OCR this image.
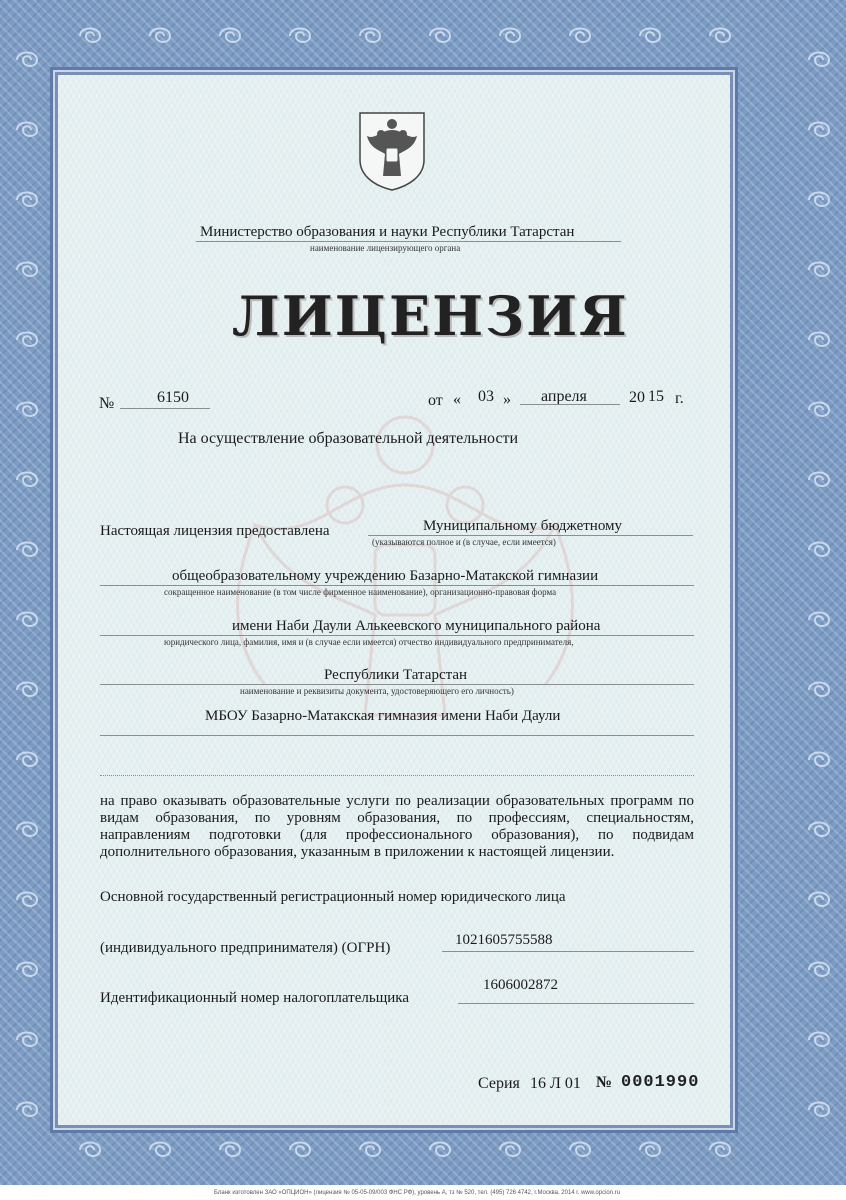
Министерство образования и науки Республики Татарстан
наименование лицензирующего органа
ЛИЦЕНЗИЯ
№	6150	от « 03 » апреля	20 15 г.
На осуществление образовательной деятельности
Настоящая лицензия предоставлена	Муниципальному бюджетному
(указываются полное и (в случае, если имеется)
общеобразовательному учреждению Базарно-Матакской гимназии
сокращенное наименование (в том числе фирменное наименование), организационно-правовая форма
имени Наби Даули Алькеевского муниципального района
юридического лица, фамилия, имя и (в случае если имеется) отчество индивидуального предпринимателя,
Республики Татарстан
наименование и реквизиты документа, удостоверяющего его личность)
МБОУ Базарно-Матакская гимназия имени Наби Даули
на право оказывать образовательные услуги по реализации образовательных программ по видам образования, по уровням образования, по профессиям, специальностям, направлениям подготовки (для профессионального образования), по подвидам дополнительного образования, указанным в приложении к настоящей лицензии.
Основной государственный регистрационный номер юридического лица
(индивидуального предпринимателя) (ОГРН)	1021605755588
Идентификационный номер налогоплательщика
1606002872
Серия 16 Л 01 № 0001990
Бланк изготовлен ЗАО «ОПЦИОН» (лицензия № 05-05-09/003 ФНС РФ), уровень А, тз № 520, тел. (495) 726 4742, г.Москва, 2014 г. www.opcion.ru
